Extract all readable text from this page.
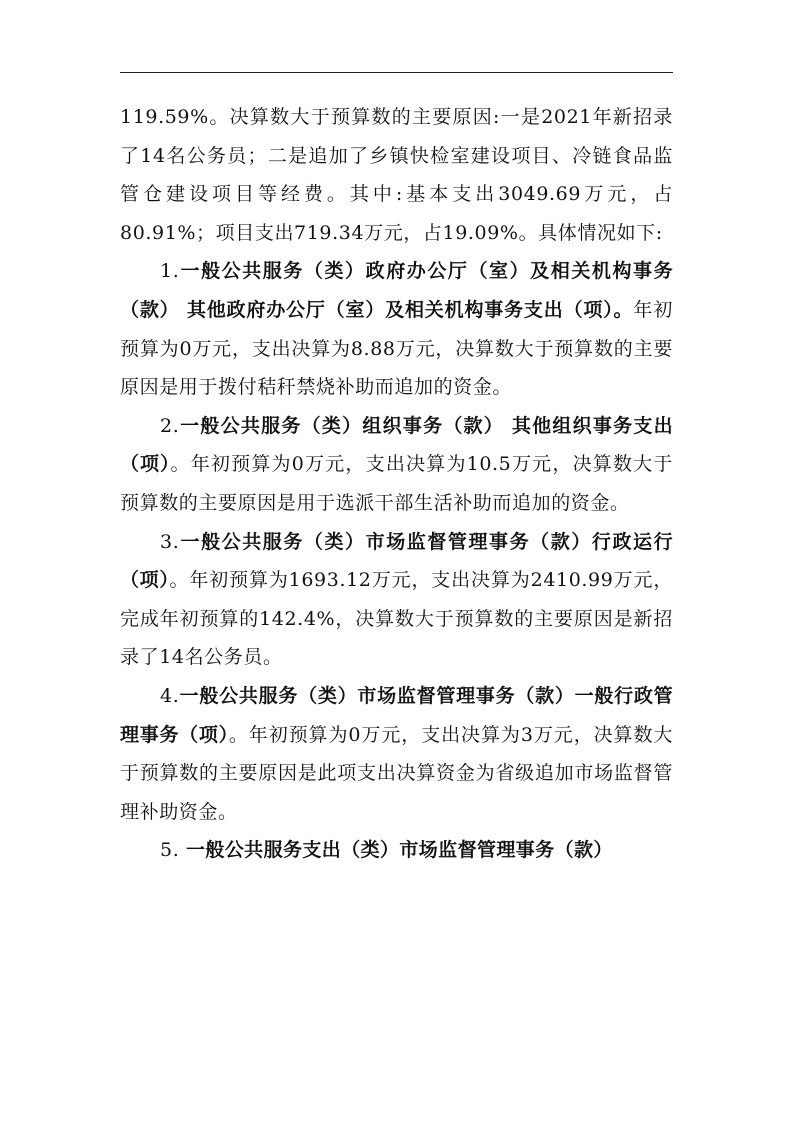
119.59%。决算数大于预算数的主要原因:一是2021年新招录了14名公务员；二是追加了乡镇快检室建设项目、冷链食品监管仓建设项目等经费。其中:基本支出3049.69万元，占80.91%；项目支出719.34万元，占19.09%。具体情况如下:

1.一般公共服务（类）政府办公厅（室）及相关机构事务（款） 其他政府办公厅（室）及相关机构事务支出（项）。年初预算为0万元，支出决算为8.88万元，决算数大于预算数的主要原因是用于拨付秸秆禁烧补助而追加的资金。

2.一般公共服务（类）组织事务（款） 其他组织事务支出（项）。年初预算为0万元，支出决算为10.5万元，决算数大于预算数的主要原因是用于选派干部生活补助而追加的资金。

3.一般公共服务（类）市场监督管理事务（款）行政运行（项）。年初预算为1693.12万元，支出决算为2410.99万元，完成年初预算的142.4%，决算数大于预算数的主要原因是新招录了14名公务员。

4.一般公共服务（类）市场监督管理事务（款）一般行政管理事务（项）。年初预算为0万元，支出决算为3万元，决算数大于预算数的主要原因是此项支出决算资金为省级追加市场监督管理补助资金。

5. 一般公共服务支出（类）市场监督管理事务（款）
